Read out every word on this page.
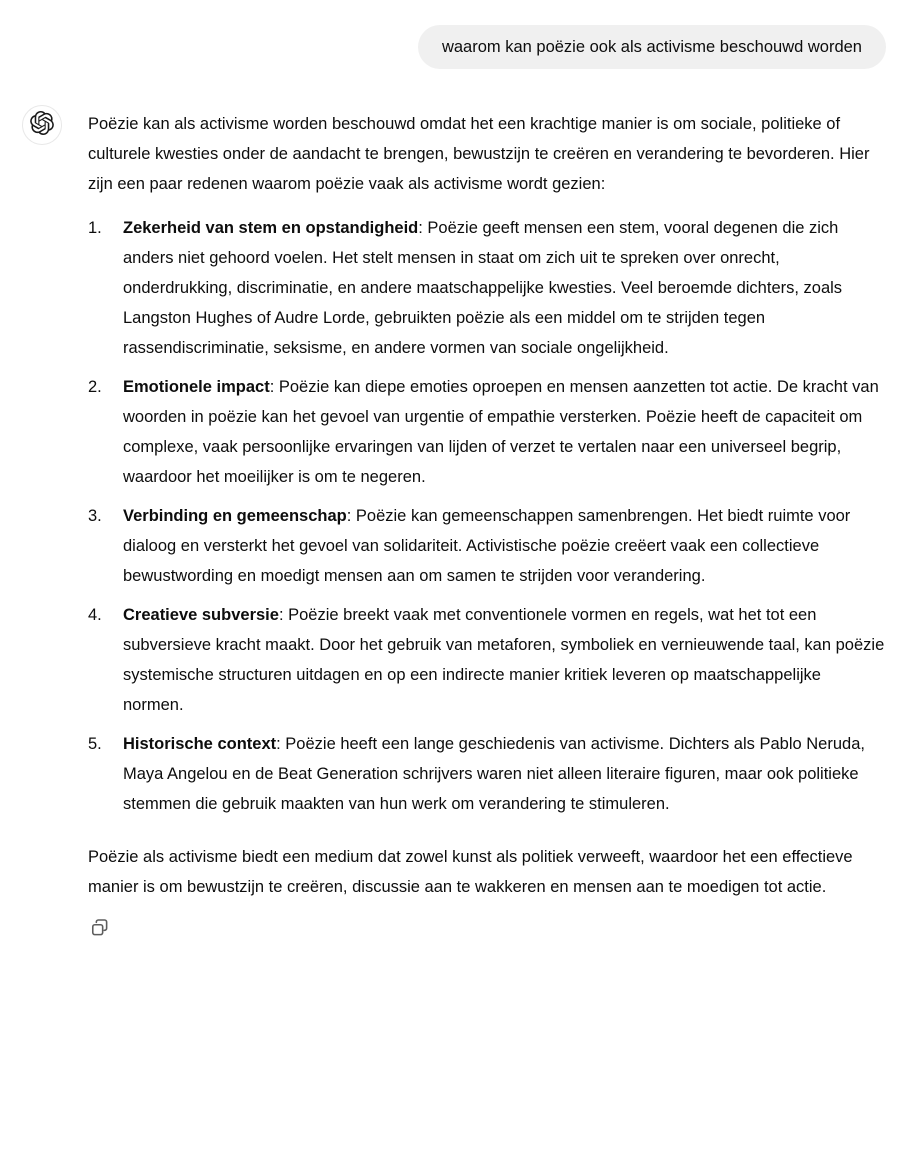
waarom kan poëzie ook als activisme beschouwd worden

Poëzie kan als activisme worden beschouwd omdat het een krachtige manier is om sociale, politieke of culturele kwesties onder de aandacht te brengen, bewustzijn te creëren en verandering te bevorderen. Hier zijn een paar redenen waarom poëzie vaak als activisme wordt gezien:

1.	Zekerheid van stem en opstandigheid: Poëzie geeft mensen een stem, vooral degenen die zich anders niet gehoord voelen. Het stelt mensen in staat om zich uit te spreken over onrecht, onderdrukking, discriminatie, en andere maatschappelijke kwesties. Veel beroemde dichters, zoals Langston Hughes of Audre Lorde, gebruikten poëzie als een middel om te strijden tegen rassendiscriminatie, seksisme, en andere vormen van sociale ongelijkheid.
2.	Emotionele impact: Poëzie kan diepe emoties oproepen en mensen aanzetten tot actie. De kracht van woorden in poëzie kan het gevoel van urgentie of empathie versterken. Poëzie heeft de capaciteit om complexe, vaak persoonlijke ervaringen van lijden of verzet te vertalen naar een universeel begrip, waardoor het moeilijker is om te negeren.
3.	Verbinding en gemeenschap: Poëzie kan gemeenschappen samenbrengen. Het biedt ruimte voor dialoog en versterkt het gevoel van solidariteit. Activistische poëzie creëert vaak een collectieve bewustwording en moedigt mensen aan om samen te strijden voor verandering.
4.	Creatieve subversie: Poëzie breekt vaak met conventionele vormen en regels, wat het tot een subversieve kracht maakt. Door het gebruik van metaforen, symboliek en vernieuwende taal, kan poëzie systemische structuren uitdagen en op een indirecte manier kritiek leveren op maatschappelijke normen.
5.	Historische context: Poëzie heeft een lange geschiedenis van activisme. Dichters als Pablo Neruda, Maya Angelou en de Beat Generation schrijvers waren niet alleen literaire figuren, maar ook politieke stemmen die gebruik maakten van hun werk om verandering te stimuleren.

Poëzie als activisme biedt een medium dat zowel kunst als politiek verweeft, waardoor het een effectieve manier is om bewustzijn te creëren, discussie aan te wakkeren en mensen aan te moedigen tot actie.
